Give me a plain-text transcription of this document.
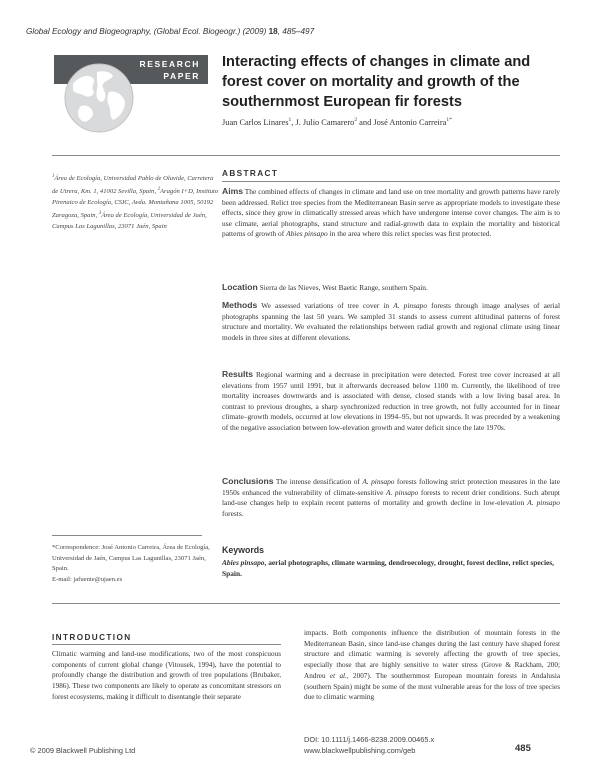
Global Ecology and Biogeography, (Global Ecol. Biogeogr.) (2009) 18, 485–497
RESEARCH
PAPER
Interacting effects of changes in climate and forest cover on mortality and growth of the southernmost European fir forests
Juan Carlos Linares$^1$, J. Julio Camarero$^2$ and José Antonio Carreira$^{1*}$
$^1$Área de Ecología, Universidad Pablo de Olavide, Carretera de Utrera, Km. 1, 41002 Sevilla, Spain, $^2$Aragón I+D, Instituto Pirenaico de Ecología, CSIC, Avda. Montañana 1005, 50192 Zaragoza, Spain, $^3$Área de Ecología, Universidad de Jaén, Campus Las Lagunillas, 23071 Jaén, Spain
ABSTRACT
Aims The combined effects of changes in climate and land use on tree mortality and growth patterns have rarely been addressed. Relict tree species from the Mediterranean Basin serve as appropriate models to investigate these effects, since they grow in climatically stressed areas which have undergone intense cover changes. The aim is to use climate, aerial photographs, stand structure and radial-growth data to explain the mortality and historical patterns of growth of Abies pinsapo in the area where this relict species was first protected.
Location Sierra de las Nieves, West Baetic Range, southern Spain.
Methods We assessed variations of tree cover in A. pinsapo forests through image analyses of aerial photographs spanning the last 50 years. We sampled 31 stands to assess current altitudinal patterns of forest structure and mortality. We evaluated the relationships between radial growth and regional climate using linear models in three sites at different elevations.
Results Regional warming and a decrease in precipitation were detected. Forest tree cover increased at all elevations from 1957 until 1991, but it afterwards decreased below 1100 m. Currently, the likelihood of tree mortality increases downwards and is associated with dense, closed stands with a low living basal area. In contrast to previous droughts, a sharp synchronized reduction in tree growth, not fully accounted for in linear climate–growth models, occurred at low elevations in 1994–95, but not upwards. It was preceded by a weakening of the negative association between low-elevation growth and water deficit since the late 1970s.
Conclusions The intense densification of A. pinsapo forests following strict protection measures in the late 1950s enhanced the vulnerability of climate-sensitive A. pinsapo forests to recent drier conditions. Such abrupt land-use changes help to explain recent patterns of mortality and growth decline in low-elevation A. pinsapo forests.
Keywords
Abies pinsapo, aerial photographs, climate warming, dendroecology, drought, forest decline, relict species, Spain.
*Correspondence: José Antonio Carreira, Área de Ecología, Universidad de Jaén, Campus Las Lagunillas, 23071 Jaén, Spain.
E-mail: jafuente@ujaen.es
INTRODUCTION
Climatic warming and land-use modifications, two of the most conspicuous components of current global change (Vitousek, 1994), have the potential to profoundly change the distribution and growth of tree populations (Brubaker, 1986). These two components are likely to operate as concomitant stressors on forest ecosystems, making it difficult to disentangle their separate
impacts. Both components influence the distribution of mountain forests in the Mediterranean Basin, since land-use changes during the last century have shaped forest structure and climatic warming is severely affecting the growth of tree species, especially those that are highly sensitive to water stress (Grove & Rackham, 200; Andreu et al., 2007). The southernmost European mountain forests in Andalusia (southern Spain) might be some of the most vulnerable areas for the loss of tree species due to climatic warming
DOI: 10.1111/j.1466-8238.2009.00465.x
www.blackwellpublishing.com/geb
© 2009 Blackwell Publishing Ltd	485
